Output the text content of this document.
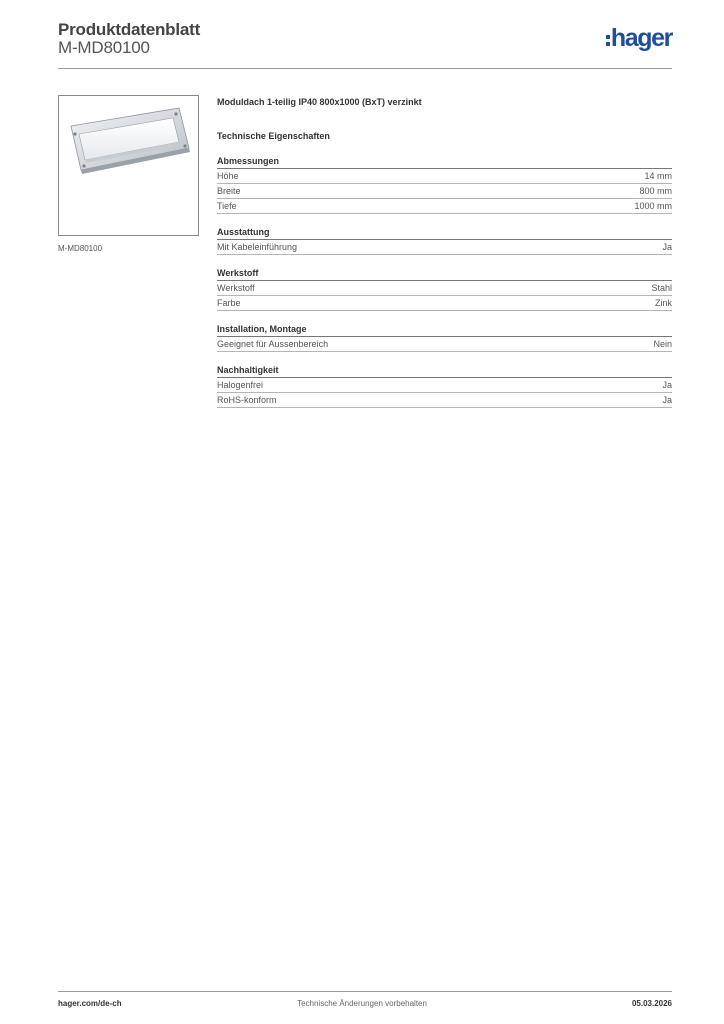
Produktdatenblatt
M-MD80100	hager
M-MD80100
Moduldach 1-teilig IP40 800x1000 (BxT) verzinkt
Technische Eigenschaften
Abmessungen
Höhe	14 mm
Breite	800 mm
Tiefe	1000 mm
Ausstattung
Mit Kabeleinführung	Ja
Werkstoff
Werkstoff	Stahl
Farbe	Zink
Installation, Montage
Geeignet für Aussenbereich	Nein
Nachhaltigkeit
Halogenfrei	Ja
RoHS-konform	Ja
hager.com/de-ch	Technische Änderungen vorbehalten	05.03.2026
